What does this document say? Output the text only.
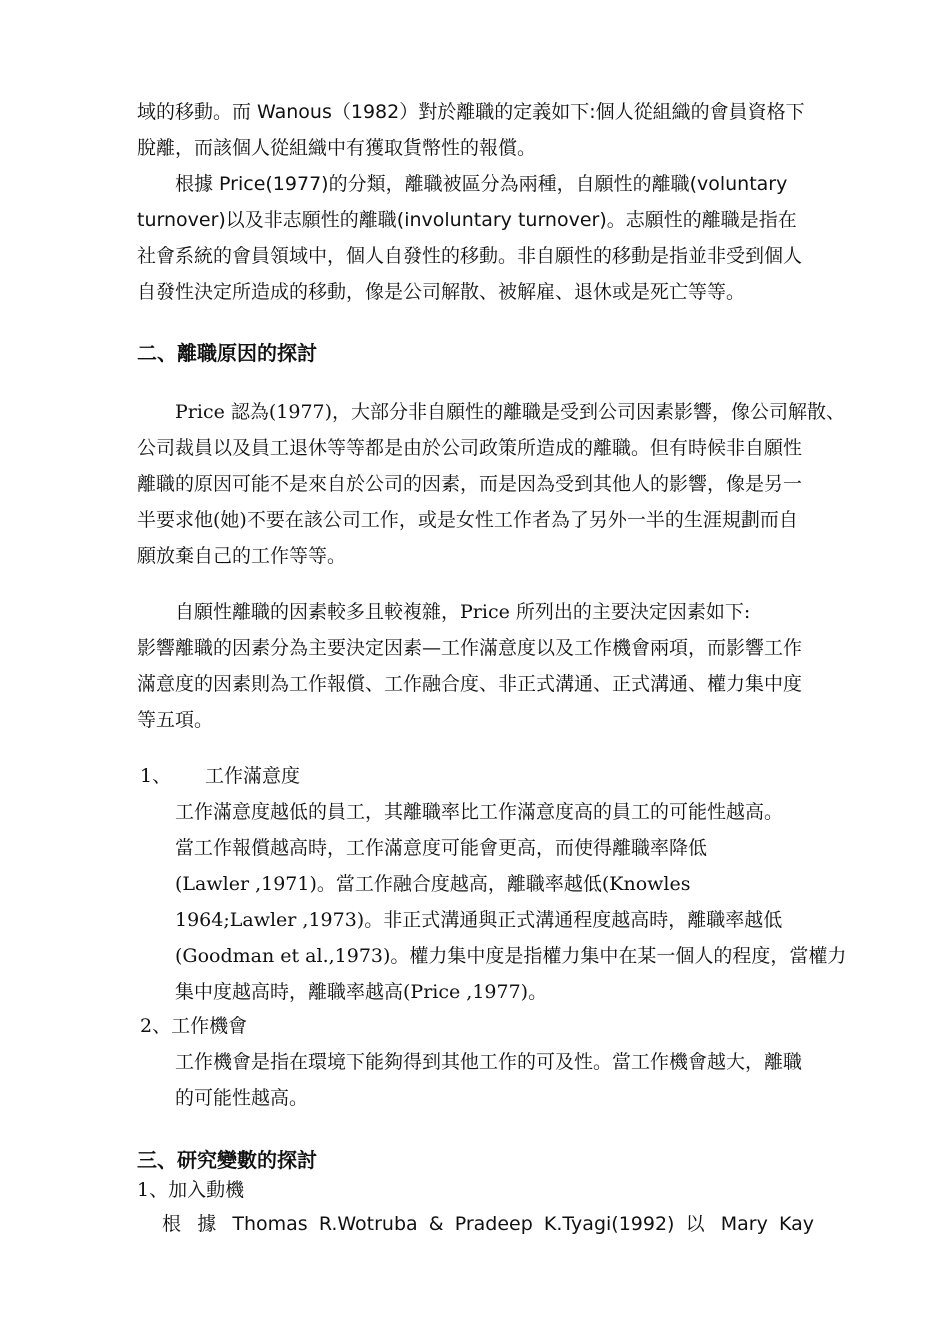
域的移動。而 Wanous（1982）對於離職的定義如下:個人從組織的會員資格下
脫離，而該個人從組織中有獲取貨幣性的報償。
根據 Price(1977)的分類，離職被區分為兩種，自願性的離職(voluntary
turnover)以及非志願性的離職(involuntary turnover)。志願性的離職是指在
社會系統的會員領域中，個人自發性的移動。非自願性的移動是指並非受到個人
自發性決定所造成的移動，像是公司解散、被解雇、退休或是死亡等等。
二、離職原因的探討
Price 認為(1977)，大部分非自願性的離職是受到公司因素影響，像公司解散、
公司裁員以及員工退休等等都是由於公司政策所造成的離職。但有時候非自願性
離職的原因可能不是來自於公司的因素，而是因為受到其他人的影響，像是另一
半要求他(她)不要在該公司工作，或是女性工作者為了另外一半的生涯規劃而自
願放棄自己的工作等等。
自願性離職的因素較多且較複雜，Price 所列出的主要決定因素如下:
影響離職的因素分為主要決定因素—工作滿意度以及工作機會兩項，而影響工作
滿意度的因素則為工作報償、工作融合度、非正式溝通、正式溝通、權力集中度
等五項。
1、 工作滿意度
工作滿意度越低的員工，其離職率比工作滿意度高的員工的可能性越高。
當工作報償越高時，工作滿意度可能會更高，而使得離職率降低
(Lawler ,1971)。當工作融合度越高，離職率越低(Knowles
1964;Lawler ,1973)。非正式溝通與正式溝通程度越高時，離職率越低
(Goodman et al.,1973)。權力集中度是指權力集中在某一個人的程度，當權力
集中度越高時，離職率越高(Price ,1977)。
2、工作機會
工作機會是指在環境下能夠得到其他工作的可及性。當工作機會越大，離職
的可能性越高。
三、研究變數的探討
1、加入動機
根 據 Thomas R.Wotruba & Pradeep K.Tyagi(1992) 以 Mary Kay
